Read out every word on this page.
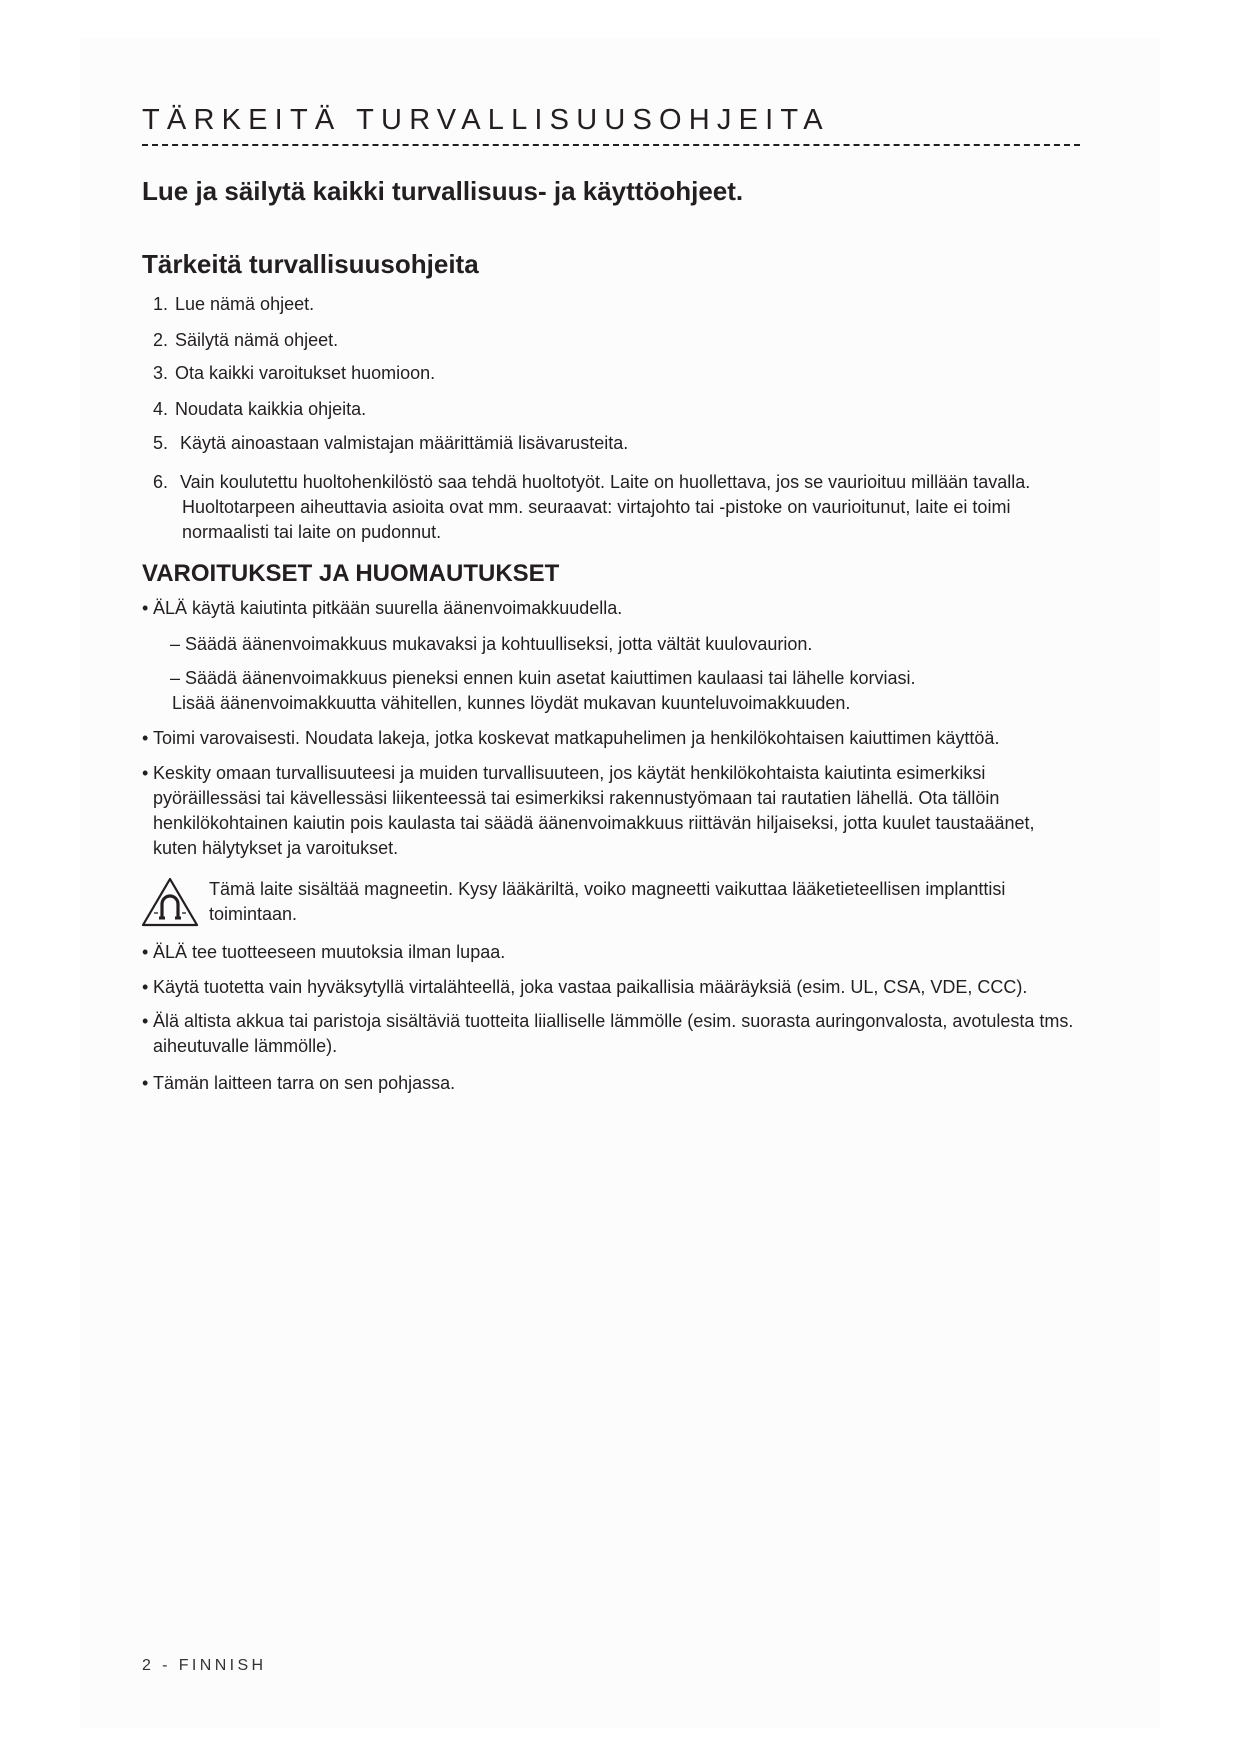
TÄRKEITÄ TURVALLISUUSOHJEITA
Lue ja säilytä kaikki turvallisuus- ja käyttöohjeet.
Tärkeitä turvallisuusohjeita
1. Lue nämä ohjeet.
2. Säilytä nämä ohjeet.
3. Ota kaikki varoitukset huomioon.
4. Noudata kaikkia ohjeita.
5. Käytä ainoastaan valmistajan määrittämiä lisävarusteita.
6. Vain koulutettu huoltohenkilöstö saa tehdä huoltotyöt. Laite on huollettava, jos se vaurioituu millään tavalla.
Huoltotarpeen aiheuttavia asioita ovat mm. seuraavat: virtajohto tai -pistoke on vaurioitunut, laite ei toimi
normaalisti tai laite on pudonnut.
VAROITUKSET JA HUOMAUTUKSET
• ÄLÄ käytä kaiutinta pitkään suurella äänenvoimakkuudella.
– Säädä äänenvoimakkuus mukavaksi ja kohtuulliseksi, jotta vältät kuulovaurion.
– Säädä äänenvoimakkuus pieneksi ennen kuin asetat kaiuttimen kaulaasi tai lähelle korviasi.
Lisää äänenvoimakkuutta vähitellen, kunnes löydät mukavan kuunteluvoimakkuuden.
• Toimi varovaisesti. Noudata lakeja, jotka koskevat matkapuhelimen ja henkilökohtaisen kaiuttimen käyttöä.
• Keskity omaan turvallisuuteesi ja muiden turvallisuuteen, jos käytät henkilökohtaista kaiutinta esimerkiksi
pyöräillessäsi tai kävellessäsi liikenteessä tai esimerkiksi rakennustyömaan tai rautatien lähellä. Ota tällöin
henkilökohtainen kaiutin pois kaulasta tai säädä äänenvoimakkuus riittävän hiljaiseksi, jotta kuulet taustaäänet,
kuten hälytykset ja varoitukset.
Tämä laite sisältää magneetin. Kysy lääkäriltä, voiko magneetti vaikuttaa lääketieteellisen implanttisi
toimintaan.
• ÄLÄ tee tuotteeseen muutoksia ilman lupaa.
• Käytä tuotetta vain hyväksytyllä virtalähteellä, joka vastaa paikallisia määräyksiä (esim. UL, CSA, VDE, CCC).
• Älä altista akkua tai paristoja sisältäviä tuotteita liialliselle lämmölle (esim. suorasta auringonvalosta, avotulesta tms.
aiheutuvalle lämmölle).
• Tämän laitteen tarra on sen pohjassa.
2 - FINNISH
